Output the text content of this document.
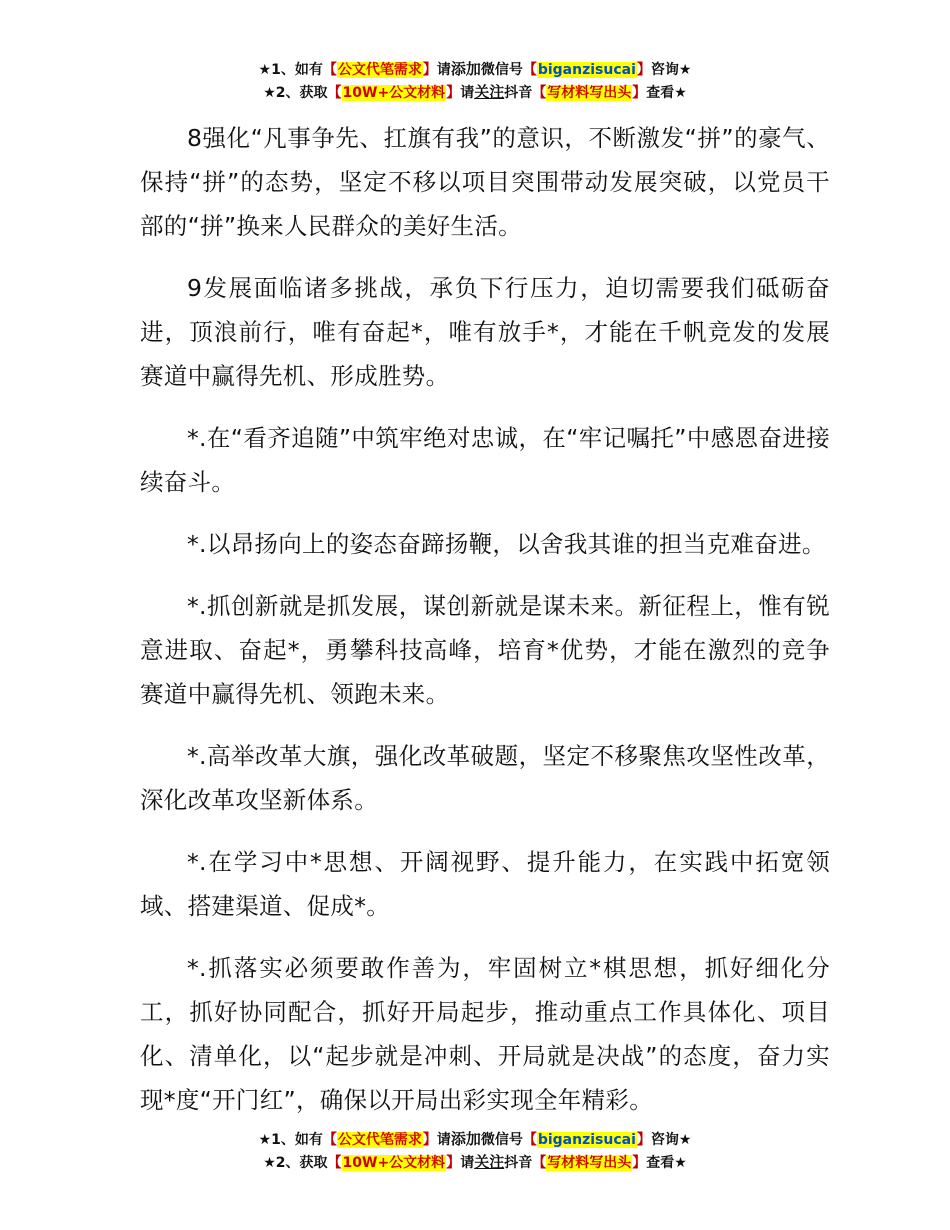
★1、如有【公文代笔需求】请添加微信号【biganzisucai】咨询★
★2、获取【10W+公文材料】请关注抖音【写材料写出头】查看★

8强化“凡事争先、扛旗有我”的意识，不断激发“拼”的豪气、保持“拼”的态势，坚定不移以项目突围带动发展突破，以党员干部的“拼”换来人民群众的美好生活。

9发展面临诸多挑战，承负下行压力，迫切需要我们砥砺奋进，顶浪前行，唯有奋起*，唯有放手*，才能在千帆竞发的发展赛道中赢得先机、形成胜势。

*.在“看齐追随”中筑牢绝对忠诚，在“牢记嘱托”中感恩奋进接续奋斗。

*.以昂扬向上的姿态奋蹄扬鞭，以舍我其谁的担当克难奋进。

*.抓创新就是抓发展，谋创新就是谋未来。新征程上，惟有锐意进取、奋起*，勇攀科技高峰，培育*优势，才能在激烈的竞争赛道中赢得先机、领跑未来。

*.高举改革大旗，强化改革破题，坚定不移聚焦攻坚性改革，深化改革攻坚新体系。

*.在学习中*思想、开阔视野、提升能力，在实践中拓宽领域、搭建渠道、促成*。

*.抓落实必须要敢作善为，牢固树立*棋思想，抓好细化分工，抓好协同配合，抓好开局起步，推动重点工作具体化、项目化、清单化，以“起步就是冲刺、开局就是决战”的态度，奋力实现*度“开门红”，确保以开局出彩实现全年精彩。

★1、如有【公文代笔需求】请添加微信号【biganzisucai】咨询★
★2、获取【10W+公文材料】请关注抖音【写材料写出头】查看★
